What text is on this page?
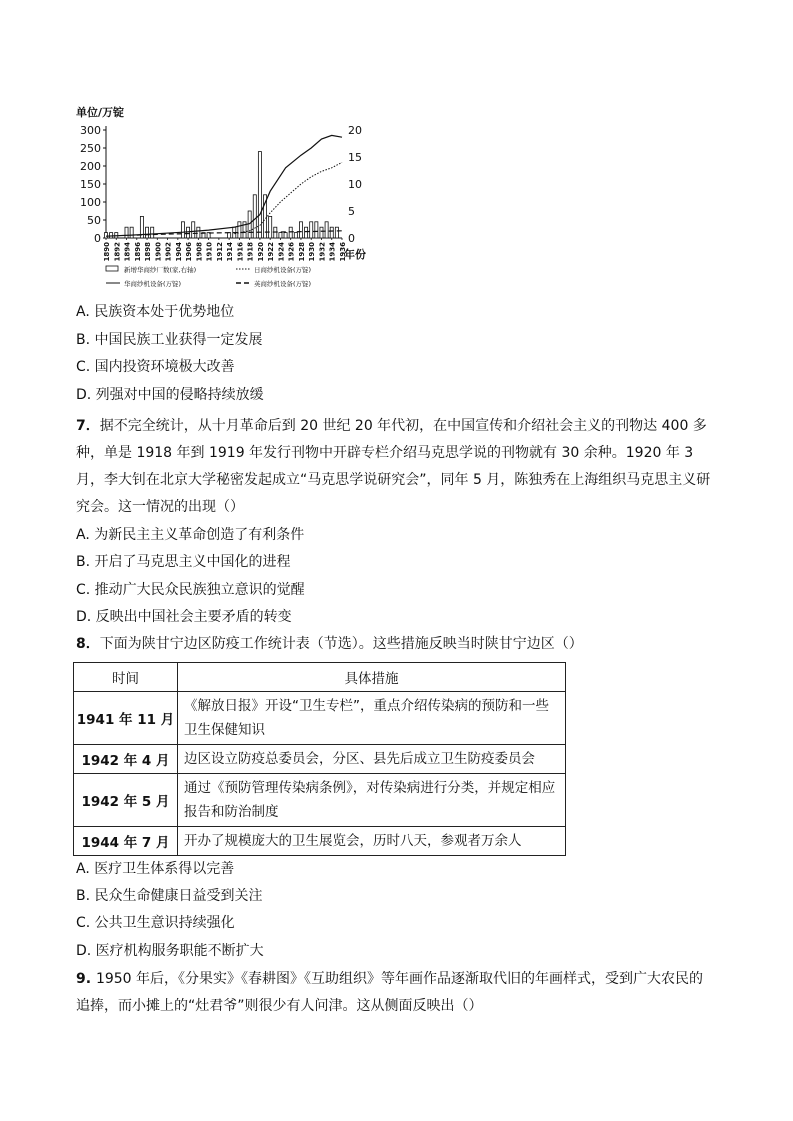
单位/万锭
0
50
100
150
200
250
300
0
5
10
15
20
1890 1892 1894 1896 1898 1900 1902 1904 1906 1908 1910 1912 1914 1916 1918 1920 1922 1924 1926 1928 1930 1932 1934 1936
年份
新增华商纱厂数(家,右轴)	日商纱机设备(万锭)
华商纱机设备(万锭)	英商纱机设备(万锭)
A. 民族资本处于优势地位
B. 中国民族工业获得一定发展
C. 国内投资环境极大改善
D. 列强对中国的侵略持续放缓
7．据不完全统计，从十月革命后到 20 世纪 20 年代初，在中国宣传和介绍社会主义的刊物达 400 多种，单是 1918 年到 1919 年发行刊物中开辟专栏介绍马克思学说的刊物就有 30 余种。1920 年 3 月，李大钊在北京大学秘密发起成立“马克思学说研究会”，同年 5 月，陈独秀在上海组织马克思主义研究会。这一情况的出现（）
A. 为新民主主义革命创造了有利条件
B. 开启了马克思主义中国化的进程
C. 推动广大民众民族独立意识的觉醒
D. 反映出中国社会主要矛盾的转变
8．下面为陕甘宁边区防疫工作统计表（节选）。这些措施反映当时陕甘宁边区（）
时间	具体措施
1941 年 11 月	《解放日报》开设“卫生专栏”，重点介绍传染病的预防和一些卫生保健知识
1942 年 4 月	边区设立防疫总委员会，分区、县先后成立卫生防疫委员会
1942 年 5 月	通过《预防管理传染病条例》，对传染病进行分类，并规定相应报告和防治制度
1944 年 7 月	开办了规模庞大的卫生展览会，历时八天，参观者万余人
A. 医疗卫生体系得以完善
B. 民众生命健康日益受到关注
C. 公共卫生意识持续强化
D. 医疗机构服务职能不断扩大
9. 1950 年后，《分果实》《春耕图》《互助组织》等年画作品逐渐取代旧的年画样式，受到广大农民的追捧，而小摊上的“灶君爷”则很少有人问津。这从侧面反映出（）
